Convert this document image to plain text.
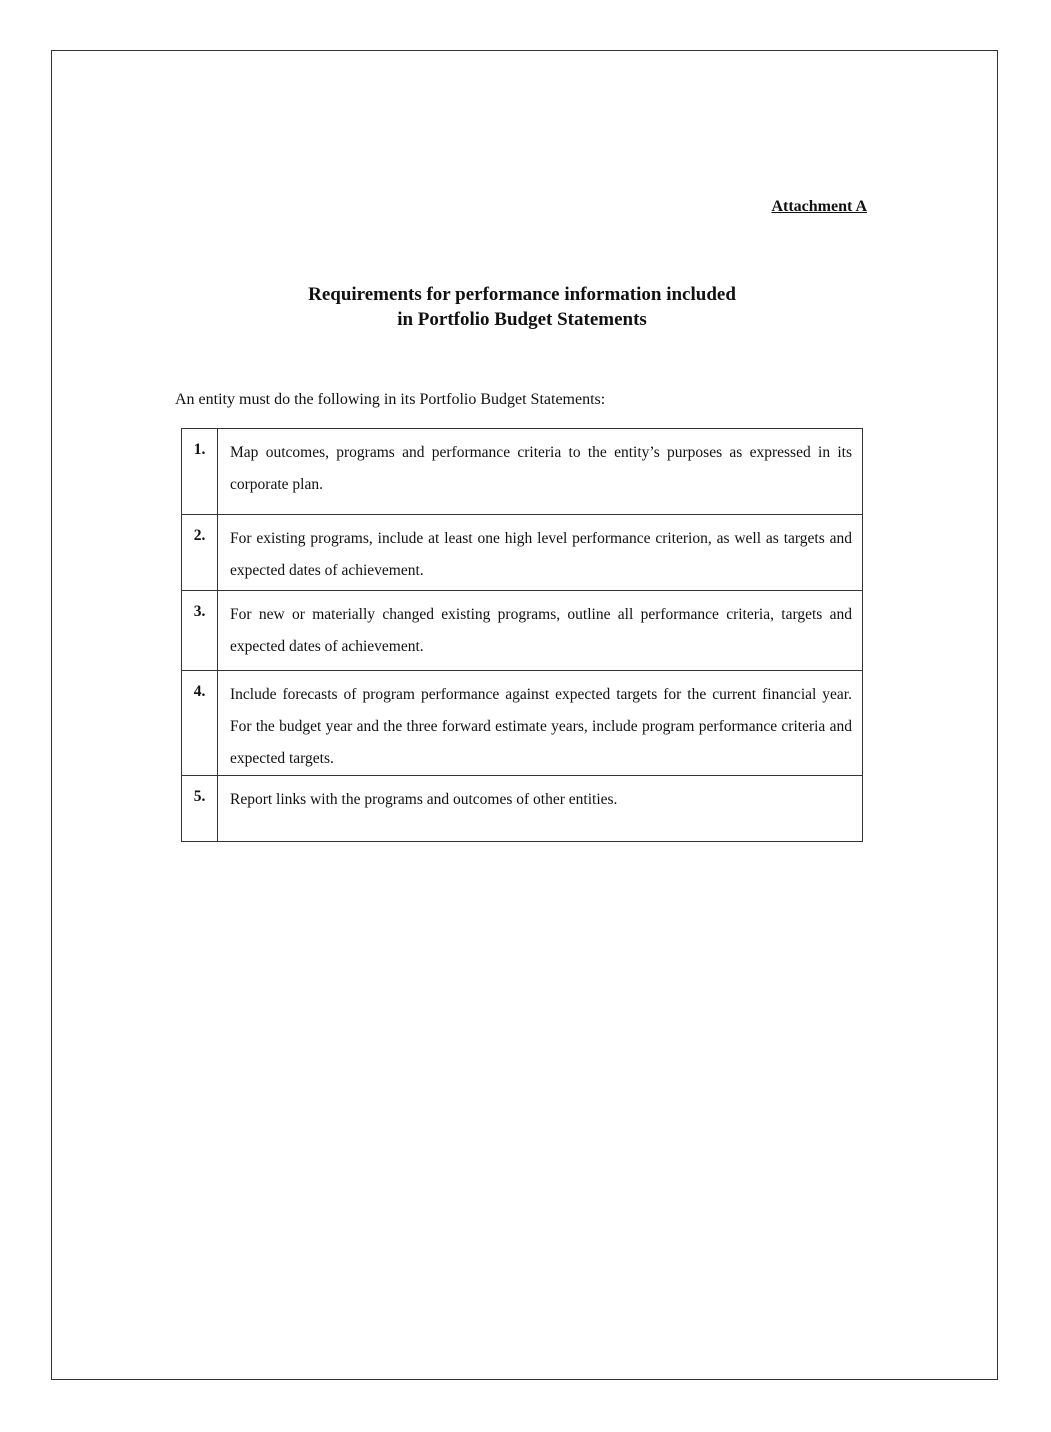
Attachment A
Requirements for performance information included
in Portfolio Budget Statements
An entity must do the following in its Portfolio Budget Statements:
1.	Map outcomes, programs and performance criteria to the entity’s purposes as expressed in its corporate plan.
2.	For existing programs, include at least one high level performance criterion, as well as targets and expected dates of achievement.
3.	For new or materially changed existing programs, outline all performance criteria, targets and expected dates of achievement.
4.	Include forecasts of program performance against expected targets for the current financial year. For the budget year and the three forward estimate years, include program performance criteria and expected targets.
5.	Report links with the programs and outcomes of other entities.
